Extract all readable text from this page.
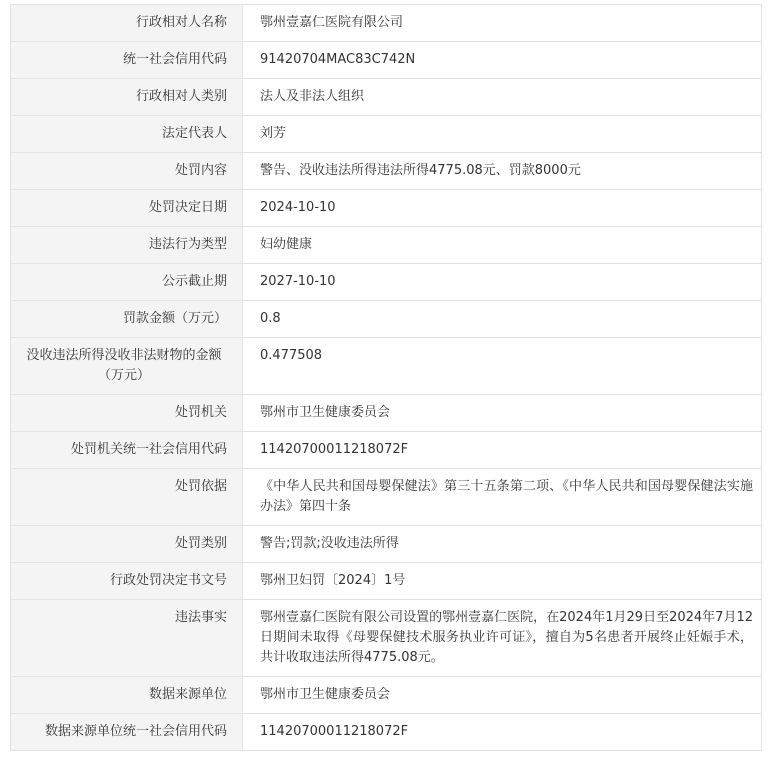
行政相对人名称	鄂州壹嘉仁医院有限公司

统一社会信用代码	91420704MAC83C742N

行政相对人类别	法人及非法人组织

法定代表人	刘芳

处罚内容	警告、没收违法所得违法所得4775.08元、罚款8000元

处罚决定日期	2024-10-10

违法行为类型	妇幼健康

公示截止期	2027-10-10

罚款金额（万元）	0.8

没收违法所得没收非法财物的金额（万元）	0.477508

处罚机关	鄂州市卫生健康委员会

处罚机关统一社会信用代码	11420700011218072F

处罚依据	《中华人民共和国母婴保健法》第三十五条第二项、《中华人民共和国母婴保健法实施办法》第四十条

处罚类别	警告;罚款;没收违法所得

行政处罚决定书文号	鄂州卫妇罚〔2024〕1号

违法事实	鄂州壹嘉仁医院有限公司设置的鄂州壹嘉仁医院，在2024年1月29日至2024年7月12日期间未取得《母婴保健技术服务执业许可证》，擅自为5名患者开展终止妊娠手术，共计收取违法所得4775.08元。

数据来源单位	鄂州市卫生健康委员会

数据来源单位统一社会信用代码	11420700011218072F
